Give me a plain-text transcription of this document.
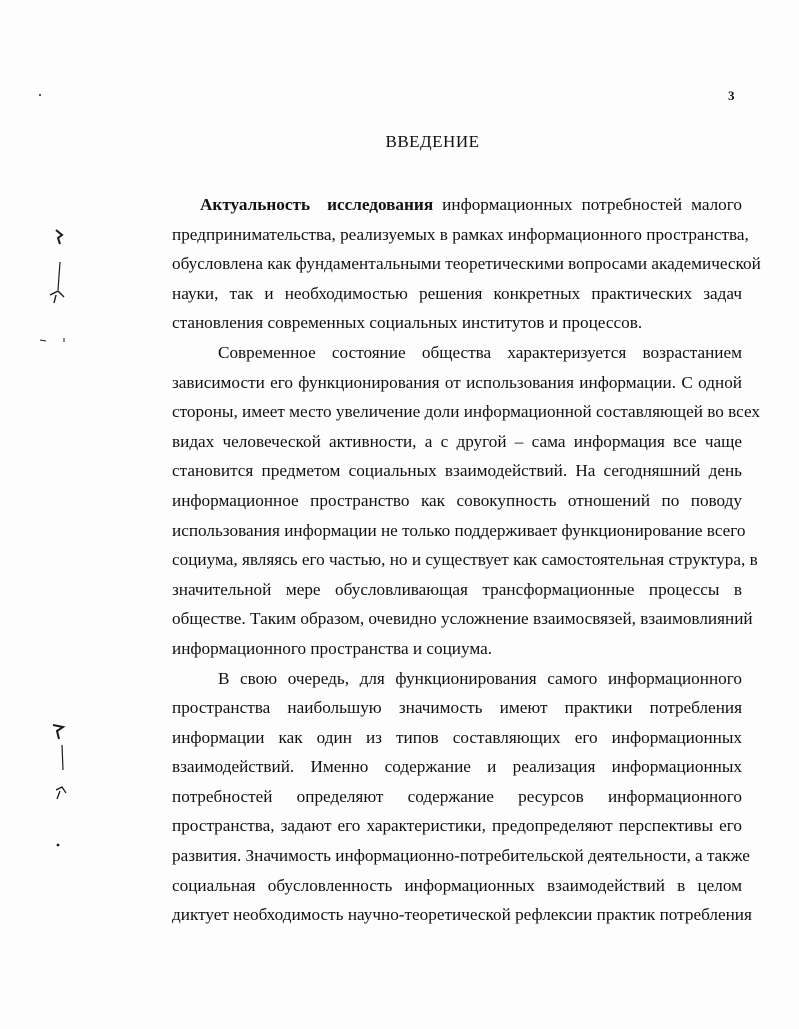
3
ВВЕДЕНИЕ
Актуальность исследования информационных потребностей малого
предпринимательства, реализуемых в рамках информационного пространства,
обусловлена как фундаментальными теоретическими вопросами академической
науки, так и необходимостью решения конкретных практических задач
становления современных социальных институтов и процессов.
Современное состояние общества характеризуется возрастанием
зависимости его функционирования от использования информации. С одной
стороны, имеет место увеличение доли информационной составляющей во всех
видах человеческой активности, а с другой – сама информация все чаще
становится предметом социальных взаимодействий. На сегодняшний день
информационное пространство как совокупность отношений по поводу
использования информации не только поддерживает функционирование всего
социума, являясь его частью, но и существует как самостоятельная структура, в
значительной мере обусловливающая трансформационные процессы в
обществе. Таким образом, очевидно усложнение взаимосвязей, взаимовлияний
информационного пространства и социума.
В свою очередь, для функционирования самого информационного
пространства наибольшую значимость имеют практики потребления
информации как один из типов составляющих его информационных
взаимодействий. Именно содержание и реализация информационных
потребностей определяют содержание ресурсов информационного
пространства, задают его характеристики, предопределяют перспективы его
развития. Значимость информационно-потребительской деятельности, а также
социальная обусловленность информационных взаимодействий в целом
диктует необходимость научно-теоретической рефлексии практик потребления
